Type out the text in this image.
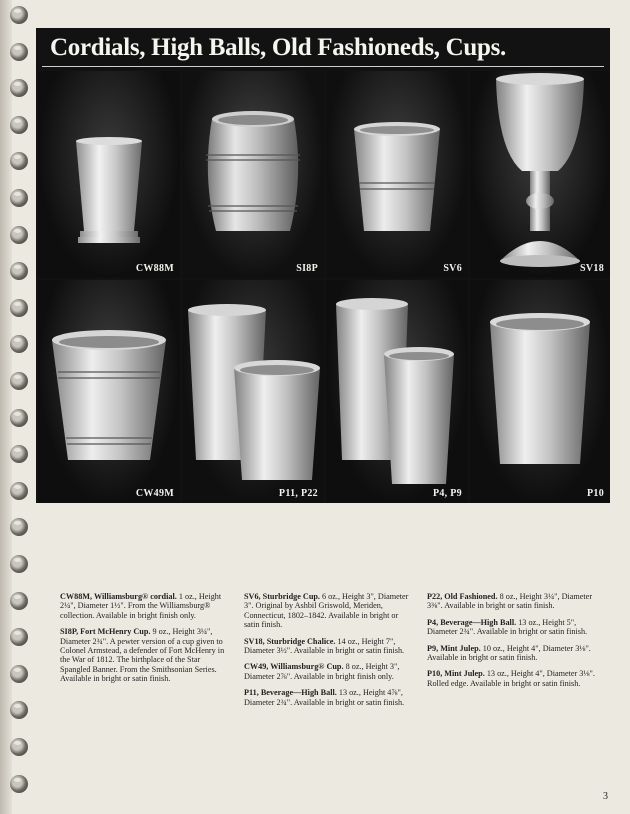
Cordials, High Balls, Old Fashioneds, Cups.
CW88M	SI8P	SV6	SV18
CW49M	P11, P22	P4, P9	P10

CW88M, Williamsburg® cordial. 1 oz., Height 2¼", Diameter 1½". From the Williamsburg® collection. Available in bright finish only.

SI8P, Fort McHenry Cup. 9 oz., Height 3¼", Diameter 2¾". A pewter version of a cup given to Colonel Armstead, a defender of Fort McHenry in the War of 1812. The birthplace of the Star Spangled Banner. From the Smithsonian Series. Available in bright or satin finish.

SV6, Sturbridge Cup. 6 oz., Height 3", Diameter 3". Original by Ashbil Griswold, Meriden, Connecticut, 1802–1842. Available in bright or satin finish.

SV18, Sturbridge Chalice. 14 oz., Height 7", Diameter 3½". Available in bright or satin finish.

CW49, Williamsburg® Cup. 8 oz., Height 3", Diameter 2⅞". Available in bright finish only.

P11, Beverage—High Ball. 13 oz., Height 4⅞", Diameter 2¾". Available in bright or satin finish.

P22, Old Fashioned. 8 oz., Height 3¼", Diameter 3⅜". Available in bright or satin finish.

P4, Beverage—High Ball. 13 oz., Height 5", Diameter 2¾". Available in bright or satin finish.

P9, Mint Julep. 10 oz., Height 4", Diameter 3⅛". Available in bright or satin finish.

P10, Mint Julep. 13 oz., Height 4", Diameter 3⅛". Rolled edge. Available in bright or satin finish.

3
